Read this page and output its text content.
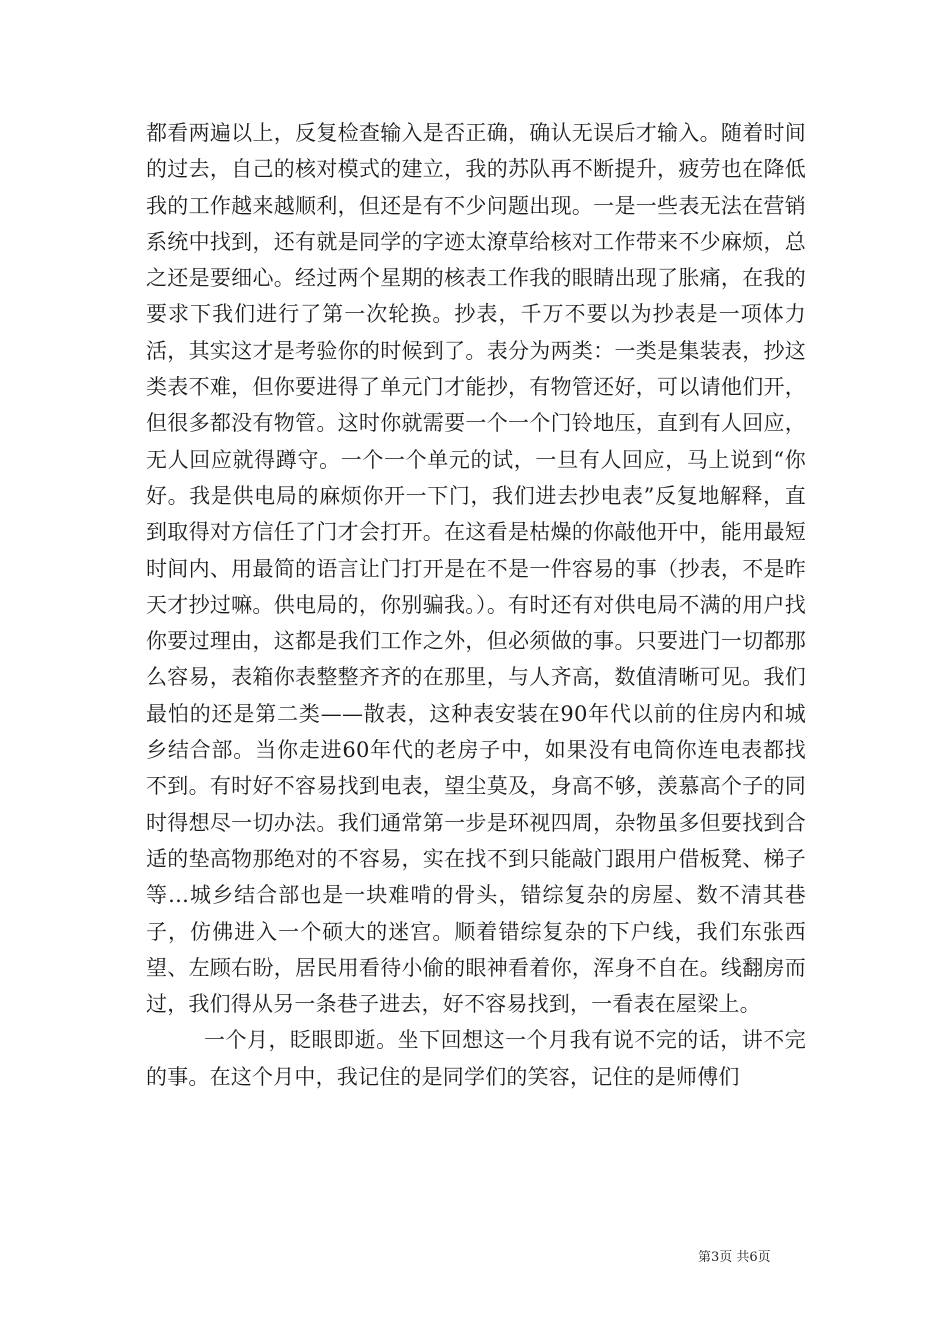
都看两遍以上，反复检查输入是否正确，确认无误后才输入。随着时间的过去，自己的核对模式的建立，我的苏队再不断提升，疲劳也在降低我的工作越来越顺利，但还是有不少问题出现。一是一些表无法在营销系统中找到，还有就是同学的字迹太潦草给核对工作带来不少麻烦，总之还是要细心。经过两个星期的核表工作我的眼睛出现了胀痛，在我的要求下我们进行了第一次轮换。抄表，千万不要以为抄表是一项体力活，其实这才是考验你的时候到了。表分为两类：一类是集装表，抄这类表不难，但你要进得了单元门才能抄，有物管还好，可以请他们开，但很多都没有物管。这时你就需要一个一个门铃地压，直到有人回应，无人回应就得蹲守。一个一个单元的试，一旦有人回应，马上说到“你好。我是供电局的麻烦你开一下门，我们进去抄电表”反复地解释，直到取得对方信任了门才会打开。在这看是枯燥的你敲他开中，能用最短时间内、用最简的语言让门打开是在不是一件容易的事（抄表，不是昨天才抄过嘛。供电局的，你别骗我。）。有时还有对供电局不满的用户找你要过理由，这都是我们工作之外，但必须做的事。只要进门一切都那么容易，表箱你表整整齐齐的在那里，与人齐高，数值清晰可见。我们最怕的还是第二类——散表，这种表安装在90年代以前的住房内和城乡结合部。当你走进60年代的老房子中，如果没有电筒你连电表都找不到。有时好不容易找到电表，望尘莫及，身高不够，羡慕高个子的同时得想尽一切办法。我们通常第一步是环视四周，杂物虽多但要找到合适的垫高物那绝对的不容易，实在找不到只能敲门跟用户借板凳、梯子等…城乡结合部也是一块难啃的骨头，错综复杂的房屋、数不清其巷子，仿佛进入一个硕大的迷宫。顺着错综复杂的下户线，我们东张西望、左顾右盼，居民用看待小偷的眼神看着你，浑身不自在。线翻房而过，我们得从另一条巷子进去，好不容易找到，一看表在屋梁上。

一个月，眨眼即逝。坐下回想这一个月我有说不完的话，讲不完的事。在这个月中，我记住的是同学们的笑容，记住的是师傅们

第3页 共6页
